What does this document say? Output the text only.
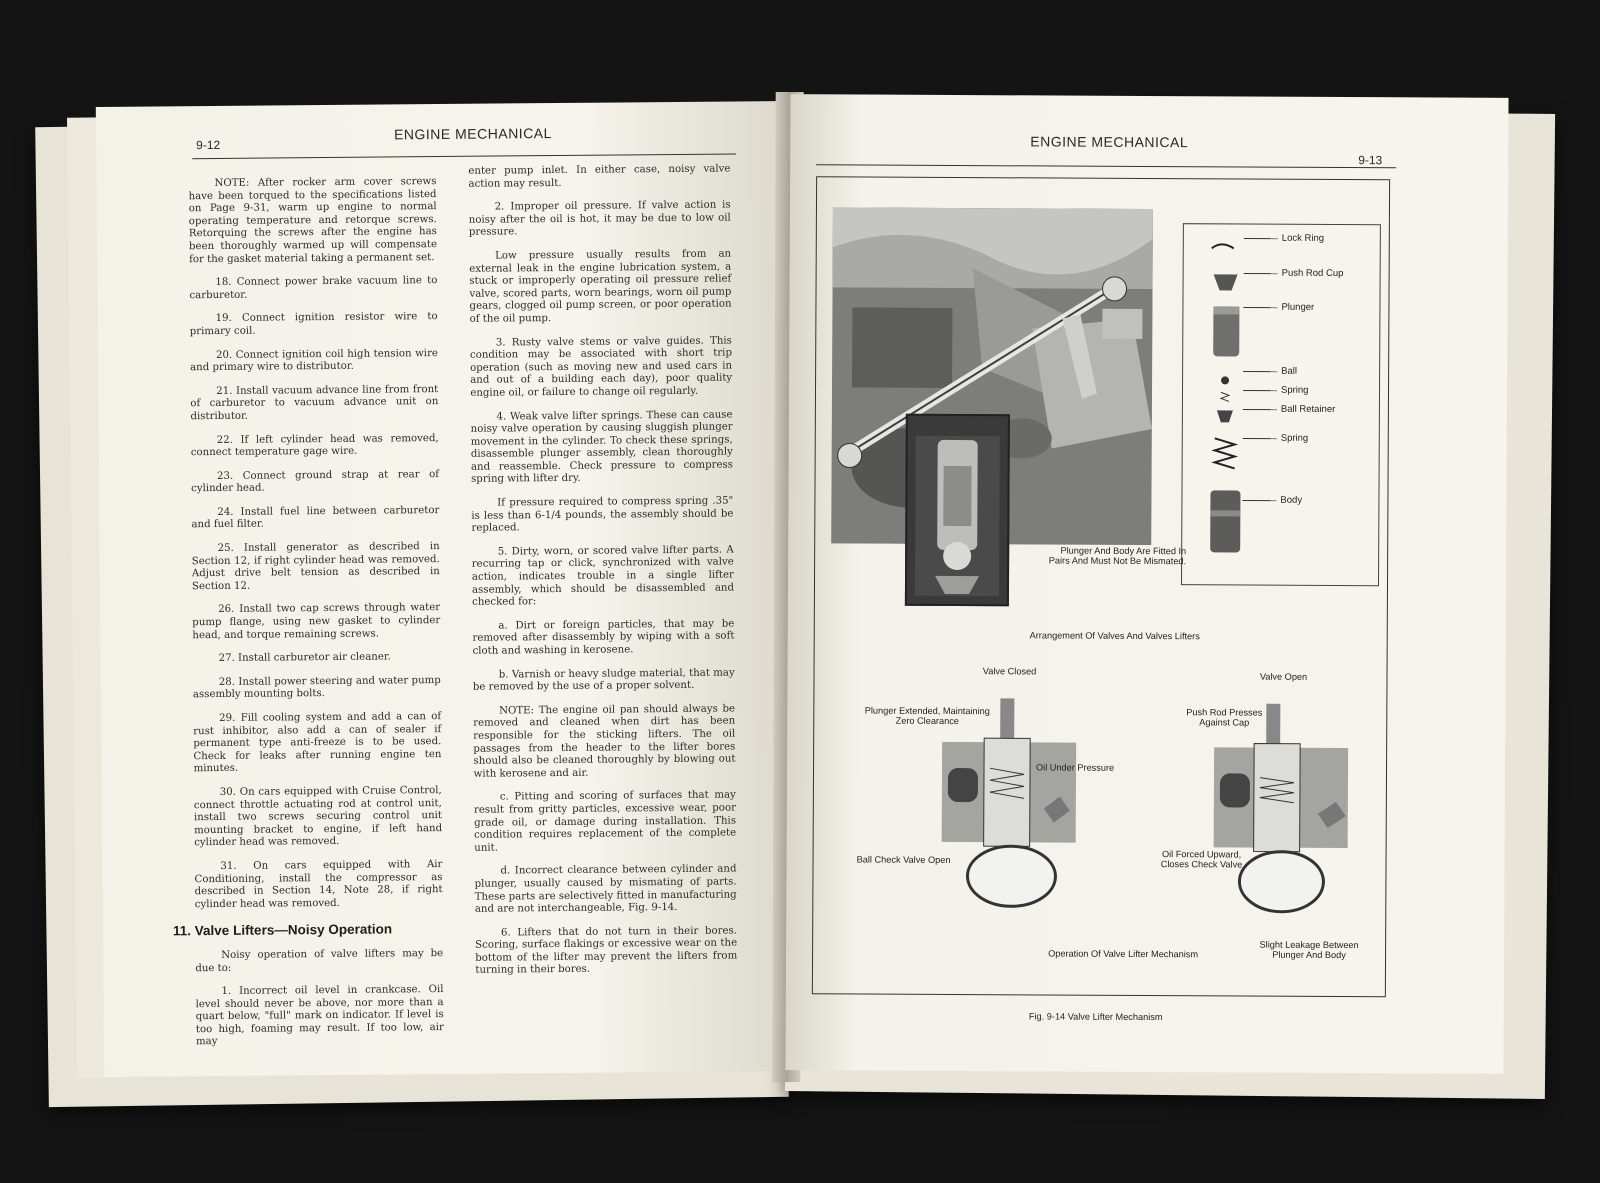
9-12
ENGINE MECHANICAL

NOTE: After rocker arm cover screws have been torqued to the specifications listed on Page 9-31, warm up engine to normal operating temperature and retorque screws. Retorquing the screws after the engine has been thoroughly warmed up will compensate for the gasket material taking a permanent set.

18. Connect power brake vacuum line to carburetor.

19. Connect ignition resistor wire to primary coil.

20. Connect ignition coil high tension wire and primary wire to distributor.

21. Install vacuum advance line from front of carburetor to vacuum advance unit on distributor.

22. If left cylinder head was removed, connect temperature gage wire.

23. Connect ground strap at rear of cylinder head.

24. Install fuel line between carburetor and fuel filter.

25. Install generator as described in Section 12, if right cylinder head was removed. Adjust drive belt tension as described in Section 12.

26. Install two cap screws through water pump flange, using new gasket to cylinder head, and torque remaining screws.

27. Install carburetor air cleaner.

28. Install power steering and water pump assembly mounting bolts.

29. Fill cooling system and add a can of rust inhibitor, also add a can of sealer if permanent type anti-freeze is to be used. Check for leaks after running engine ten minutes.

30. On cars equipped with Cruise Control, connect throttle actuating rod at control unit, install two screws securing control unit mounting bracket to engine, if left hand cylinder head was removed.

31. On cars equipped with Air Conditioning, install the compressor as described in Section 14, Note 28, if right cylinder head was removed.

11. Valve Lifters—Noisy Operation

Noisy operation of valve lifters may be due to:

1. Incorrect oil level in crankcase. Oil level should never be above, nor more than a quart below, "full" mark on indicator. If level is too high, foaming may result. If too low, air may

enter pump inlet. In either case, noisy valve action may result.

2. Improper oil pressure. If valve action is noisy after the oil is hot, it may be due to low oil pressure.

Low pressure usually results from an external leak in the engine lubrication system, a stuck or improperly operating oil pressure relief valve, scored parts, worn bearings, worn oil pump gears, clogged oil pump screen, or poor operation of the oil pump.

3. Rusty valve stems or valve guides. This condition may be associated with short trip operation (such as moving new and used cars in and out of a building each day), poor quality engine oil, or failure to change oil regularly.

4. Weak valve lifter springs. These can cause noisy valve operation by causing sluggish plunger movement in the cylinder. To check these springs, disassemble plunger assembly, clean thoroughly and reassemble. Check pressure to compress spring with lifter dry.

If pressure required to compress spring .35" is less than 6-1/4 pounds, the assembly should be replaced.

5. Dirty, worn, or scored valve lifter parts. A recurring tap or click, synchronized with valve action, indicates trouble in a single lifter assembly, which should be disassembled and checked for:

a. Dirt or foreign particles, that may be removed after disassembly by wiping with a soft cloth and washing in kerosene.

b. Varnish or heavy sludge material, that may be removed by the use of a proper solvent.

NOTE: The engine oil pan should always be removed and cleaned when dirt has been responsible for the sticking lifters. The oil passages from the header to the lifter bores should also be cleaned thoroughly by blowing out with kerosene and air.

c. Pitting and scoring of surfaces that may result from gritty particles, excessive wear, poor grade oil, or damage during installation. This condition requires replacement of the complete unit.

d. Incorrect clearance between cylinder and plunger, usually caused by mismating of parts. These parts are selectively fitted in manufacturing and are not interchangeable, Fig. 9-14.

6. Lifters that do not turn in their bores. Scoring, surface flakings or excessive wear on the bottom of the lifter may prevent the lifters from turning in their bores.

ENGINE MECHANICAL
9-13
Lock Ring
Push Rod Cup
Plunger
Ball
Spring
Ball Retainer
Spring
Body
Plunger And Body Are Fitted In Pairs And Must Not Be Mismated.
Arrangement Of Valves And Valves Lifters
Valve Closed
Valve Open
Plunger Extended, Maintaining Zero Clearance
Oil Under Pressure
Ball Check Valve Open
Push Rod Presses Against Cap
Oil Forced Upward, Closes Check Valve
Slight Leakage Between Plunger And Body
Operation Of Valve Lifter Mechanism
Fig. 9-14 Valve Lifter Mechanism
